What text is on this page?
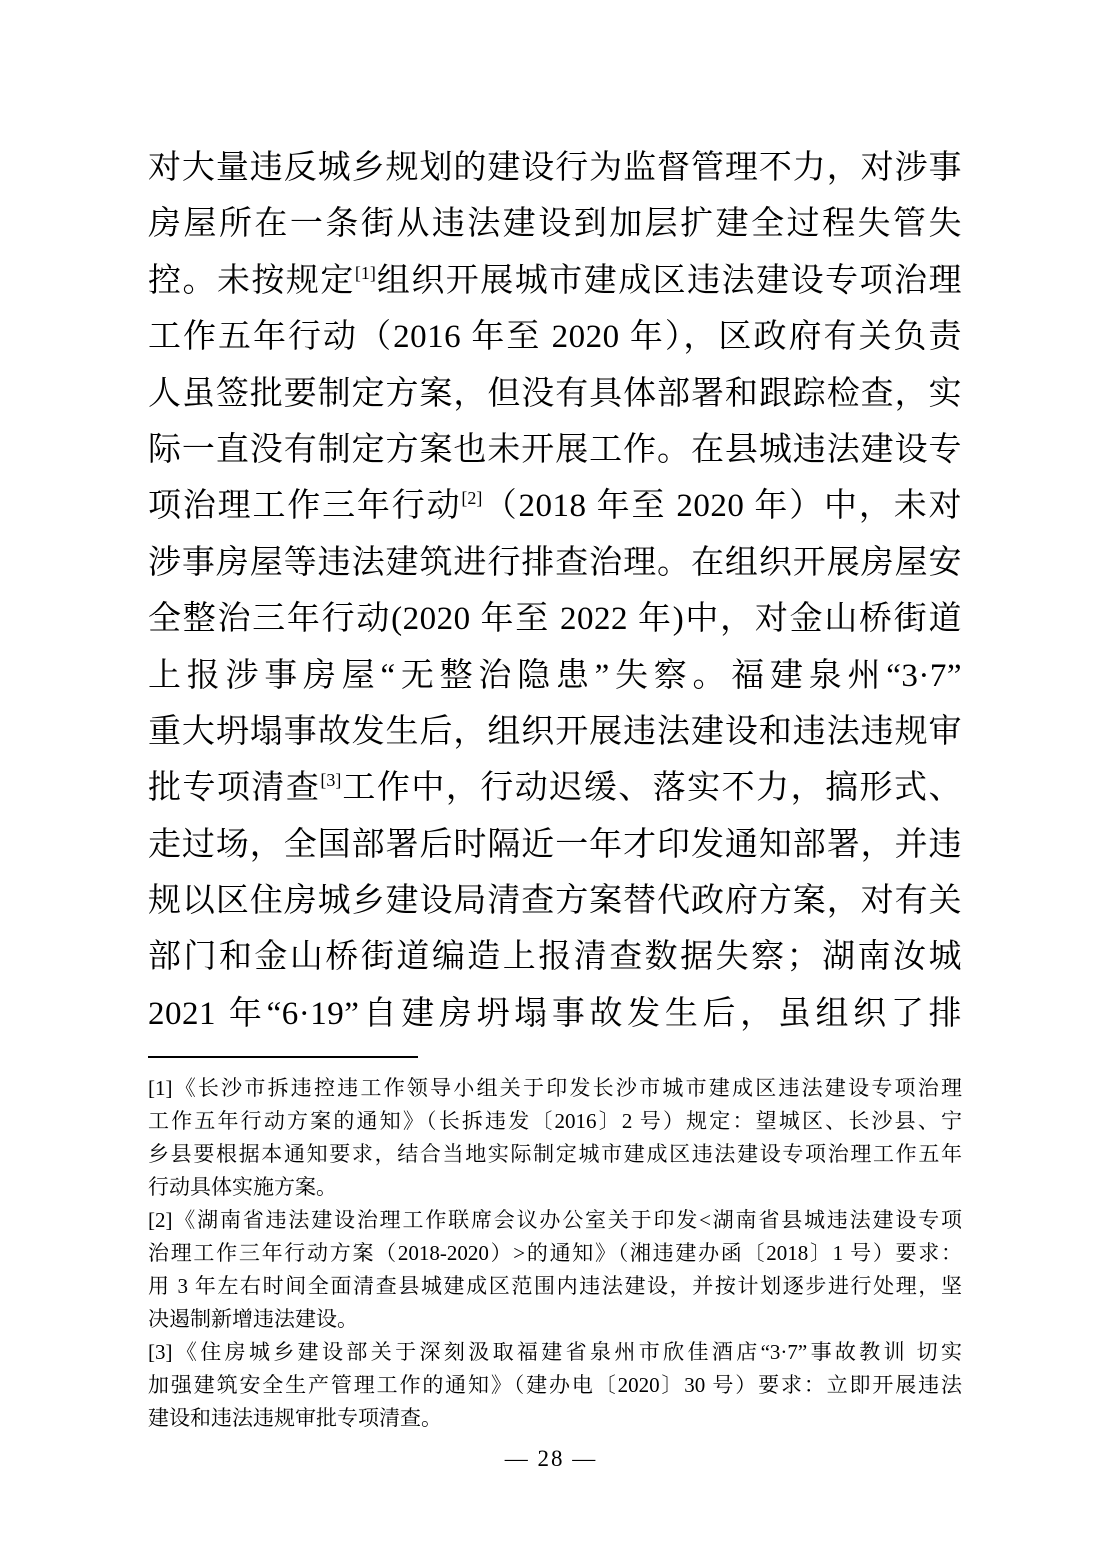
对大量违反城乡规划的建设行为监督管理不力，对涉事
房屋所在一条街从违法建设到加层扩建全过程失管失
控。未按规定[1]组织开展城市建成区违法建设专项治理
工作五年行动（2016 年至 2020 年），区政府有关负责
人虽签批要制定方案，但没有具体部署和跟踪检查，实
际一直没有制定方案也未开展工作。在县城违法建设专
项治理工作三年行动[2]（2018 年至 2020 年）中，未对
涉事房屋等违法建筑进行排查治理。在组织开展房屋安
全整治三年行动(2020 年至 2022 年)中，对金山桥街道
上报涉事房屋“无整治隐患”失察。福建泉州“3·7”
重大坍塌事故发生后，组织开展违法建设和违法违规审
批专项清查[3]工作中，行动迟缓、落实不力，搞形式、
走过场，全国部署后时隔近一年才印发通知部署，并违
规以区住房城乡建设局清查方案替代政府方案，对有关
部门和金山桥街道编造上报清查数据失察；湖南汝城
2021 年“6·19”自建房坍塌事故发生后，虽组织了排
[1]《长沙市拆违控违工作领导小组关于印发长沙市城市建成区违法建设专项治理
工作五年行动方案的通知》（长拆违发〔2016〕2 号）规定：望城区、长沙县、宁
乡县要根据本通知要求，结合当地实际制定城市建成区违法建设专项治理工作五年
行动具体实施方案。
[2]《湖南省违法建设治理工作联席会议办公室关于印发<湖南省县城违法建设专项
治理工作三年行动方案（2018-2020）>的通知》（湘违建办函〔2018〕1 号）要求：
用 3 年左右时间全面清查县城建成区范围内违法建设，并按计划逐步进行处理，坚
决遏制新增违法建设。
[3]《住房城乡建设部关于深刻汲取福建省泉州市欣佳酒店“3·7”事故教训 切实
加强建筑安全生产管理工作的通知》（建办电〔2020〕30 号）要求：立即开展违法
建设和违法违规审批专项清查。
— 28 —
